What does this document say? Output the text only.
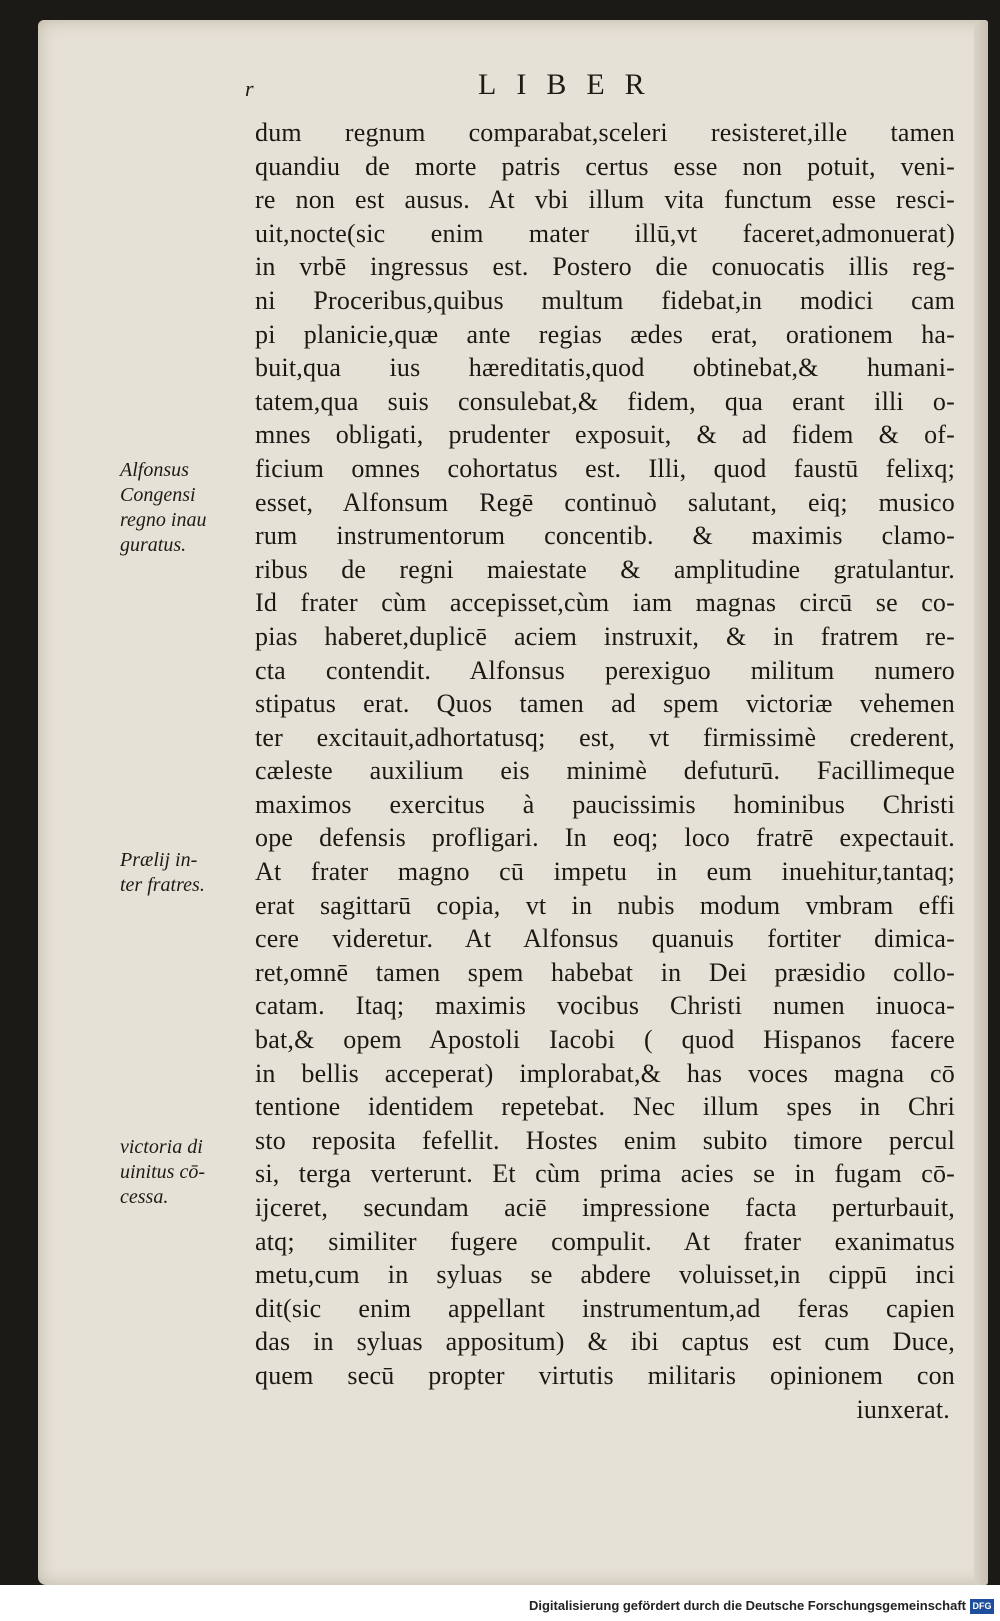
r	LIBER
Alfonsus
Congensi
regno inau
guratus.
Prælij in-
ter fratres.
victoria di
uinitus cō-
cessa.
dum regnum comparabat,sceleri resisteret,ille tamen
quandiu de morte patris certus esse non potuit, veni-
re non est ausus. At vbi illum vita functum esse resci-
uit,nocte(sic enim mater illū,vt faceret,admonuerat)
in vrbē ingressus est. Postero die conuocatis illis reg-
ni Proceribus,quibus multum fidebat,in modici cam
pi planicie,quæ ante regias ædes erat, orationem ha-
buit,qua ius hæreditatis,quod obtinebat,& humani-
tatem,qua suis consulebat,& fidem, qua erant illi o-
mnes obligati, prudenter exposuit, & ad fidem & of-
ficium omnes cohortatus est. Illi, quod faustū felixq;
esset, Alfonsum Regē continuò salutant, eiq; musico
rum instrumentorum concentib. & maximis clamo-
ribus de regni maiestate & amplitudine gratulantur.
Id frater cùm accepisset,cùm iam magnas circū se co-
pias haberet,duplicē aciem instruxit, & in fratrem re-
cta contendit. Alfonsus perexiguo militum numero
stipatus erat. Quos tamen ad spem victoriæ vehemen
ter excitauit,adhortatusq; est, vt firmissimè crederent,
cæleste auxilium eis minimè defuturū. Facillimeque
maximos exercitus à paucissimis hominibus Christi
ope defensis profligari. In eoq; loco fratrē expectauit.
At frater magno cū impetu in eum inuehitur,tantaq;
erat sagittarū copia, vt in nubis modum vmbram effi
cere videretur. At Alfonsus quanuis fortiter dimica-
ret,omnē tamen spem habebat in Dei præsidio collo-
catam. Itaq; maximis vocibus Christi numen inuoca-
bat,& opem Apostoli Iacobi ( quod Hispanos facere
in bellis acceperat) implorabat,& has voces magna cō
tentione identidem repetebat. Nec illum spes in Chri
sto reposita fefellit. Hostes enim subito timore percul
si, terga verterunt. Et cùm prima acies se in fugam cō-
ijceret, secundam aciē impressione facta perturbauit,
atq; similiter fugere compulit. At frater exanimatus
metu,cum in syluas se abdere voluisset,in cippū inci
dit(sic enim appellant instrumentum,ad feras capien
das in syluas appositum) & ibi captus est cum Duce,
quem secū propter virtutis militaris opinionem con
iunxerat.
Digitalisierung gefördert durch die Deutsche Forschungsgemeinschaft DFG
